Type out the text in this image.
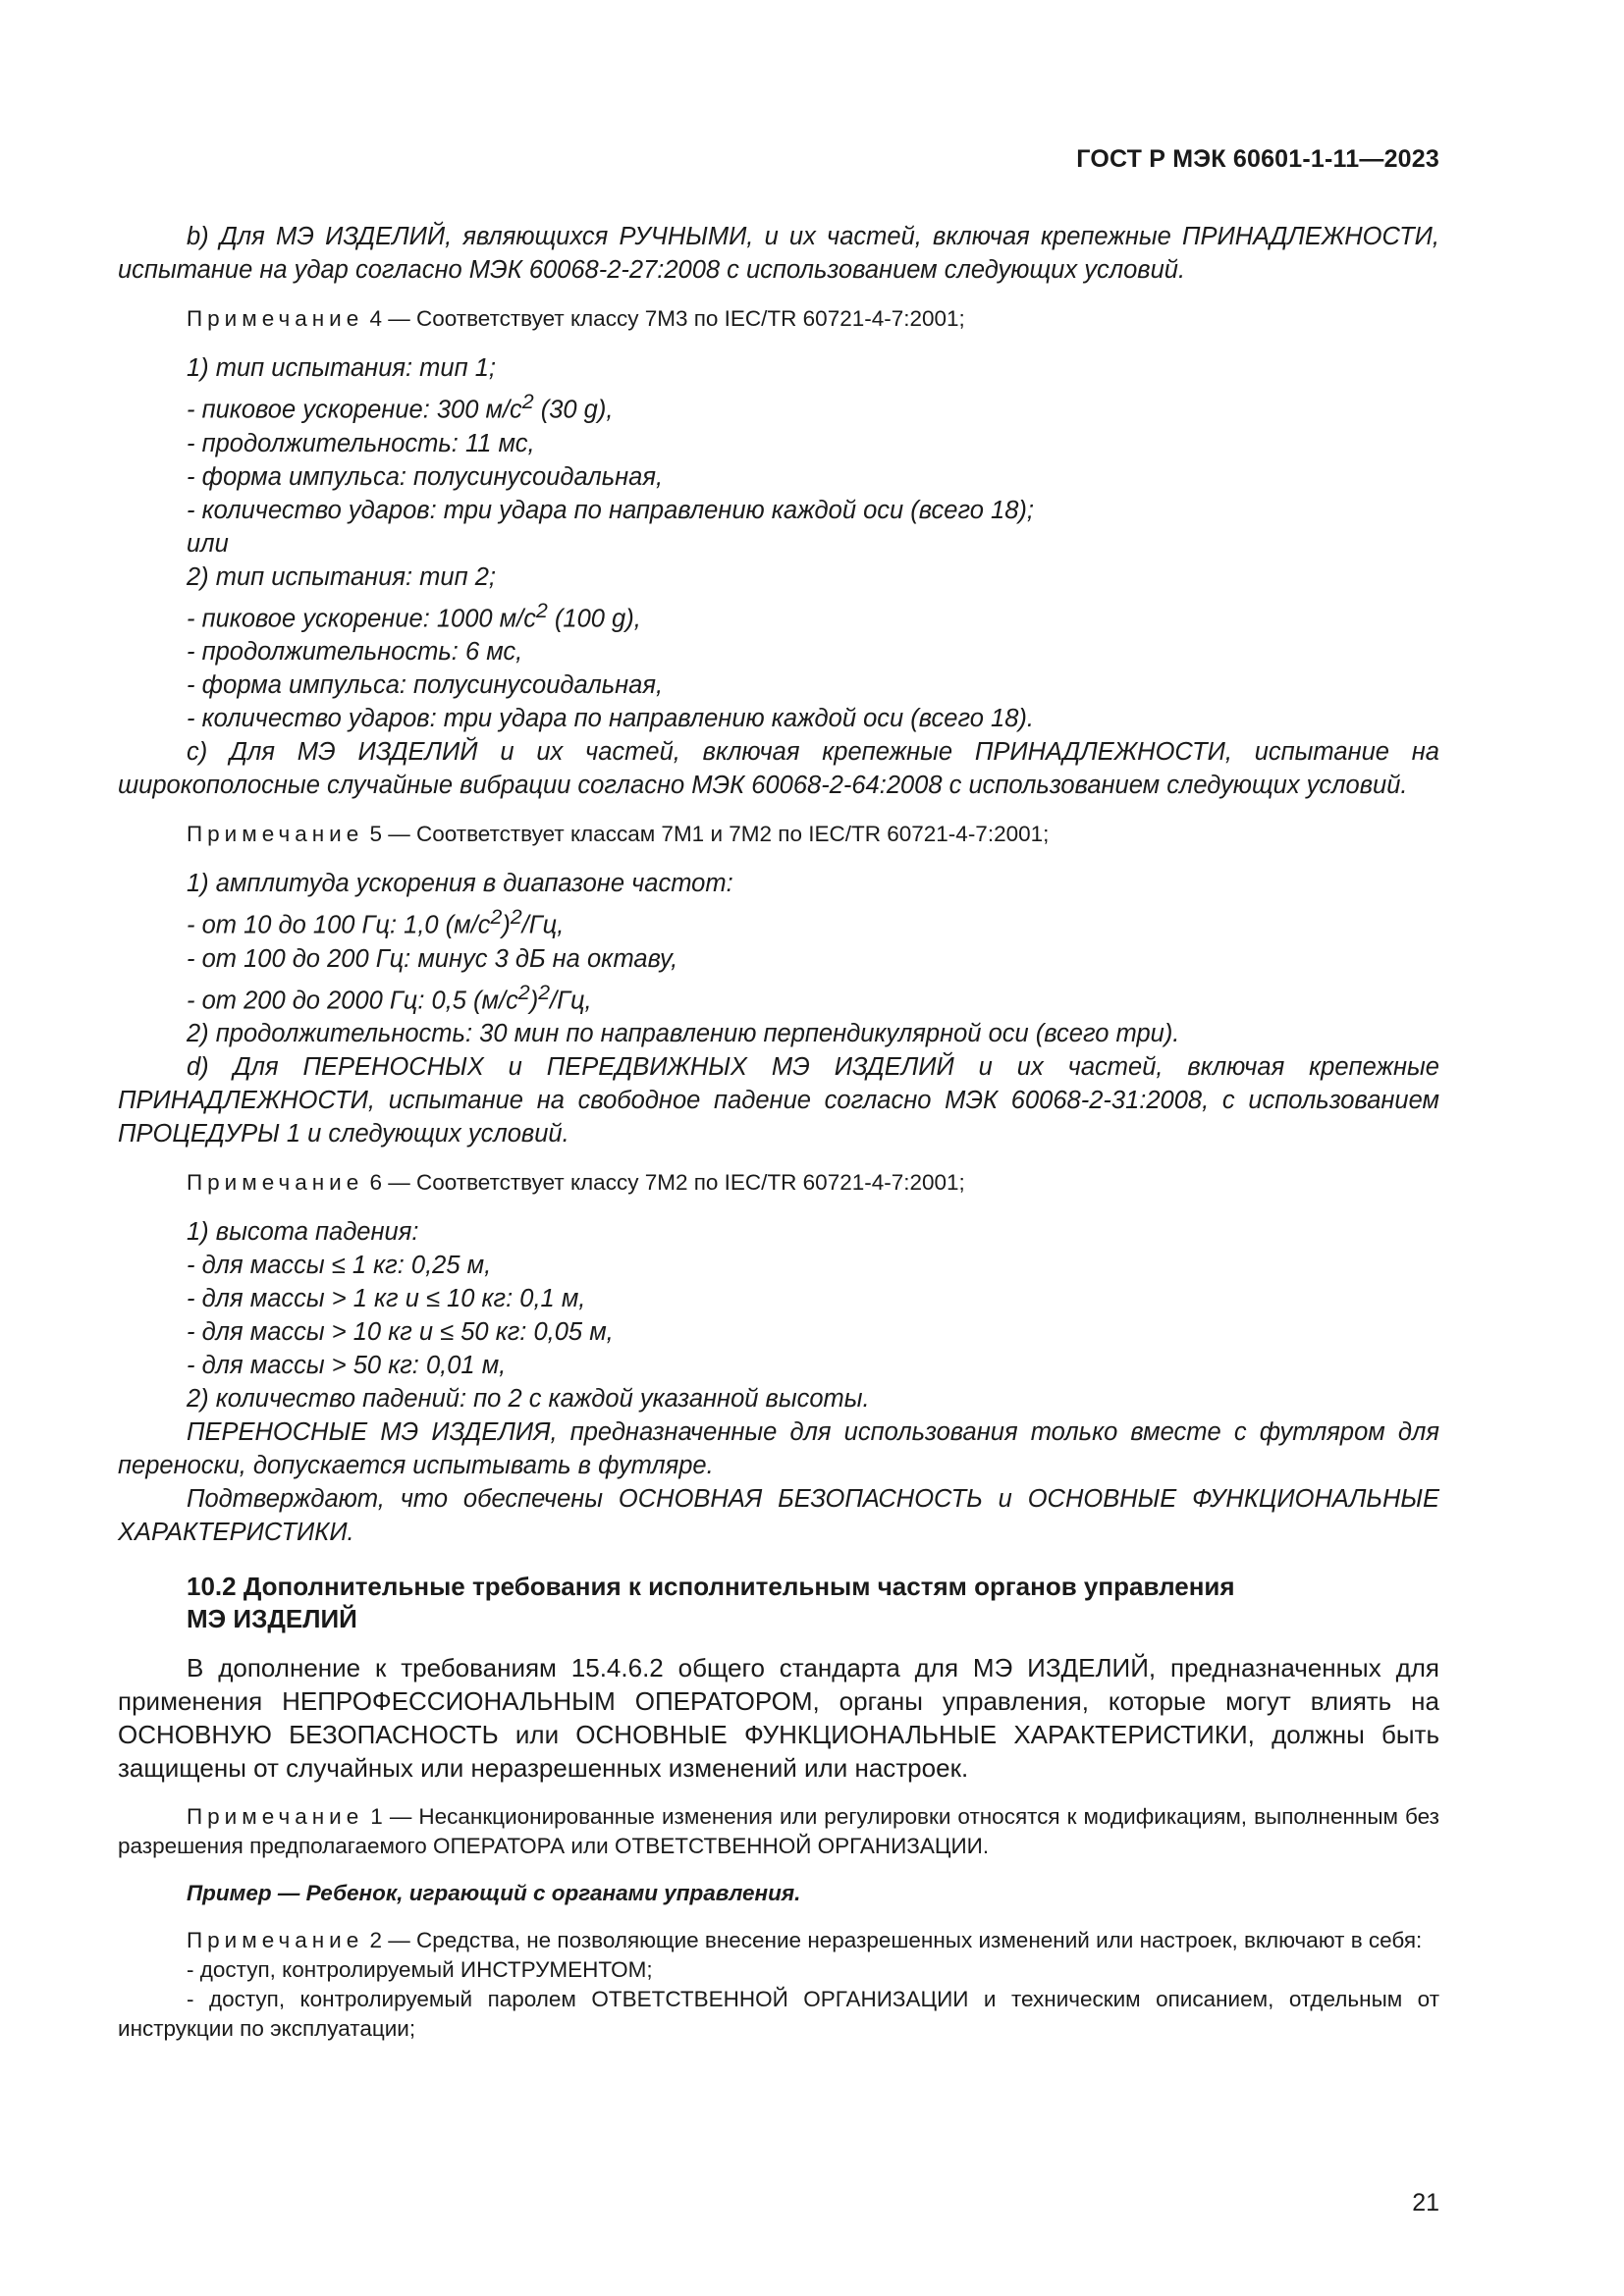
ГОСТ Р МЭК 60601-1-11—2023

b) Для МЭ ИЗДЕЛИЙ, являющихся РУЧНЫМИ, и их частей, включая крепежные ПРИНАДЛЕЖНОСТИ, испытание на удар согласно МЭК 60068-2-27:2008 с использованием следующих условий.

Примечание 4 — Соответствует классу 7М3 по IEC/TR 60721-4-7:2001;

1) тип испытания: тип 1;

- пиковое ускорение: 300 $м/с^2$ (30 g),

- продолжительность: 11 мс,

- форма импульса: полусинусоидальная,

- количество ударов: три удара по направлению каждой оси (всего 18);

или

2) тип испытания: тип 2;

- пиковое ускорение: 1000 $м/с^2$ (100 g),

- продолжительность: 6 мс,

- форма импульса: полусинусоидальная,

- количество ударов: три удара по направлению каждой оси (всего 18).

c) Для МЭ ИЗДЕЛИЙ и их частей, включая крепежные ПРИНАДЛЕЖНОСТИ, испытание на широкополосные случайные вибрации согласно МЭК 60068-2-64:2008 с использованием следующих условий.

Примечание 5 — Соответствует классам 7М1 и 7М2 по IEC/TR 60721-4-7:2001;

1) амплитуда ускорения в диапазоне частот:

- от 10 до 100 Гц: 1,0 $(м/с^2)^2/Гц$,

- от 100 до 200 Гц: минус 3 дБ на октаву,

- от 200 до 2000 Гц: 0,5 $(м/с^2)^2/Гц$,

2) продолжительность: 30 мин по направлению перпендикулярной оси (всего три).

d) Для ПЕРЕНОСНЫХ и ПЕРЕДВИЖНЫХ МЭ ИЗДЕЛИЙ и их частей, включая крепежные ПРИНАДЛЕЖНОСТИ, испытание на свободное падение согласно МЭК 60068-2-31:2008, с использованием ПРОЦЕДУРЫ 1 и следующих условий.

Примечание 6 — Соответствует классу 7М2 по IEC/TR 60721-4-7:2001;

1) высота падения:

- для массы ≤ 1 кг: 0,25 м,

- для массы > 1 кг и ≤ 10 кг: 0,1 м,

- для массы > 10 кг и ≤ 50 кг: 0,05 м,

- для массы > 50 кг: 0,01 м,

2) количество падений: по 2 с каждой указанной высоты.

ПЕРЕНОСНЫЕ МЭ ИЗДЕЛИЯ, предназначенные для использования только вместе с футляром для переноски, допускается испытывать в футляре.

Подтверждают, что обеспечены ОСНОВНАЯ БЕЗОПАСНОСТЬ и ОСНОВНЫЕ ФУНКЦИОНАЛЬНЫЕ ХАРАКТЕРИСТИКИ.

10.2 Дополнительные требования к исполнительным частям органов управления
МЭ ИЗДЕЛИЙ

В дополнение к требованиям 15.4.6.2 общего стандарта для МЭ ИЗДЕЛИЙ, предназначенных для применения НЕПРОФЕССИОНАЛЬНЫМ ОПЕРАТОРОМ, органы управления, которые могут влиять на ОСНОВНУЮ БЕЗОПАСНОСТЬ или ОСНОВНЫЕ ФУНКЦИОНАЛЬНЫЕ ХАРАКТЕРИСТИКИ, должны быть защищены от случайных или неразрешенных изменений или настроек.

Примечание 1 — Несанкционированные изменения или регулировки относятся к модификациям, выполненным без разрешения предполагаемого ОПЕРАТОРА или ОТВЕТСТВЕННОЙ ОРГАНИЗАЦИИ.

Пример — Ребенок, играющий с органами управления.

Примечание 2 — Средства, не позволяющие внесение неразрешенных изменений или настроек, включают в себя:

- доступ, контролируемый ИНСТРУМЕНТОМ;

- доступ, контролируемый паролем ОТВЕТСТВЕННОЙ ОРГАНИЗАЦИИ и техническим описанием, отдельным от инструкции по эксплуатации;

21
